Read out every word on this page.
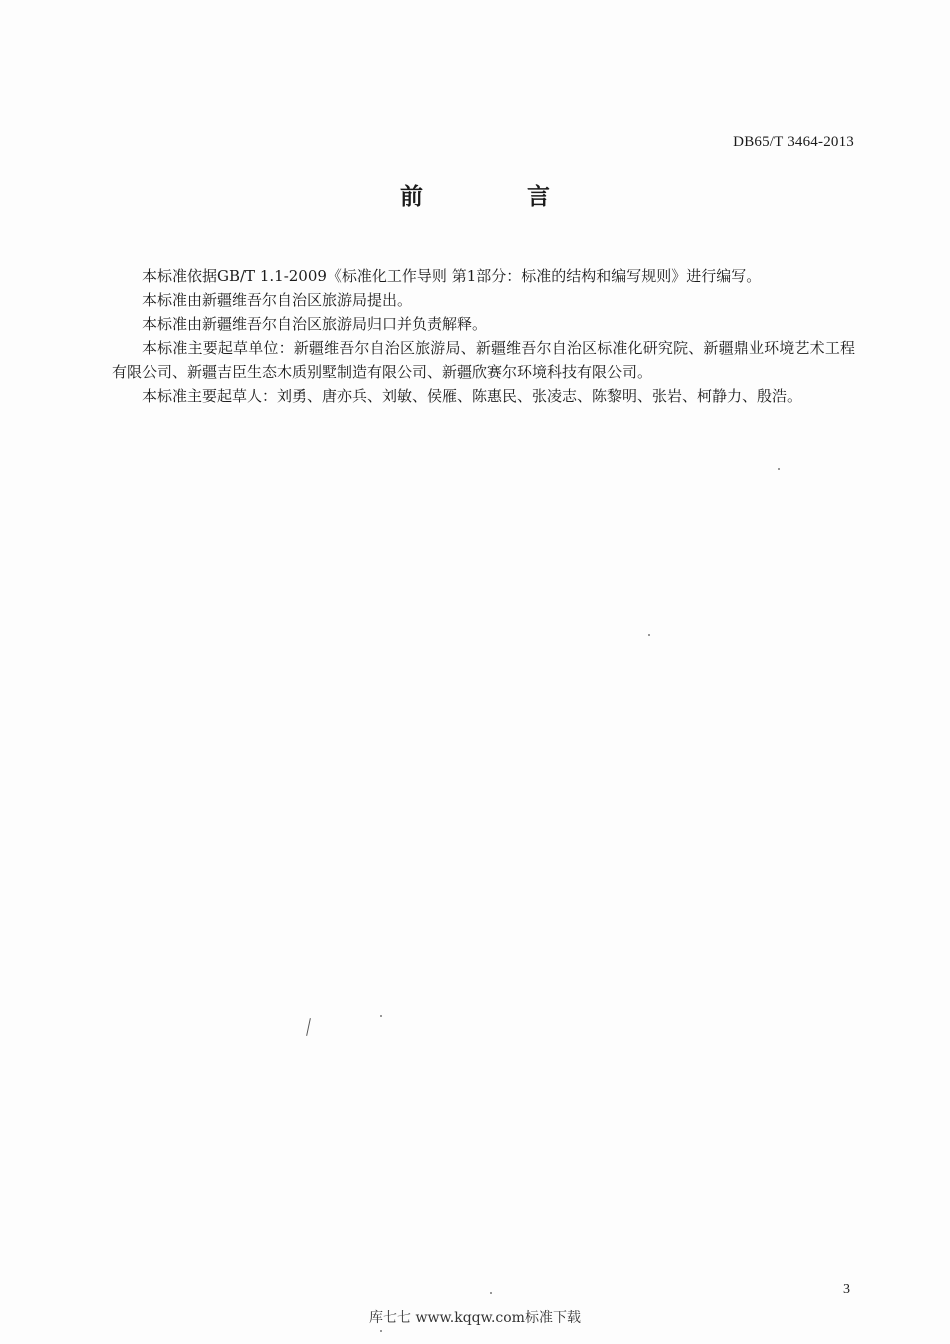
DB65/T 3464-2013
前	言

本标准依据GB/T 1.1-2009《标准化工作导则 第1部分：标准的结构和编写规则》进行编写。

本标准由新疆维吾尔自治区旅游局提出。

本标准由新疆维吾尔自治区旅游局归口并负责解释。

本标准主要起草单位：新疆维吾尔自治区旅游局、新疆维吾尔自治区标准化研究院、新疆鼎业环境艺术工程有限公司、新疆吉臣生态木质别墅制造有限公司、新疆欣赛尔环境科技有限公司。

本标准主要起草人：刘勇、唐亦兵、刘敏、侯雁、陈惠民、张凌志、陈黎明、张岩、柯静力、殷浩。

3
库七七 www.kqqw.com标准下载
